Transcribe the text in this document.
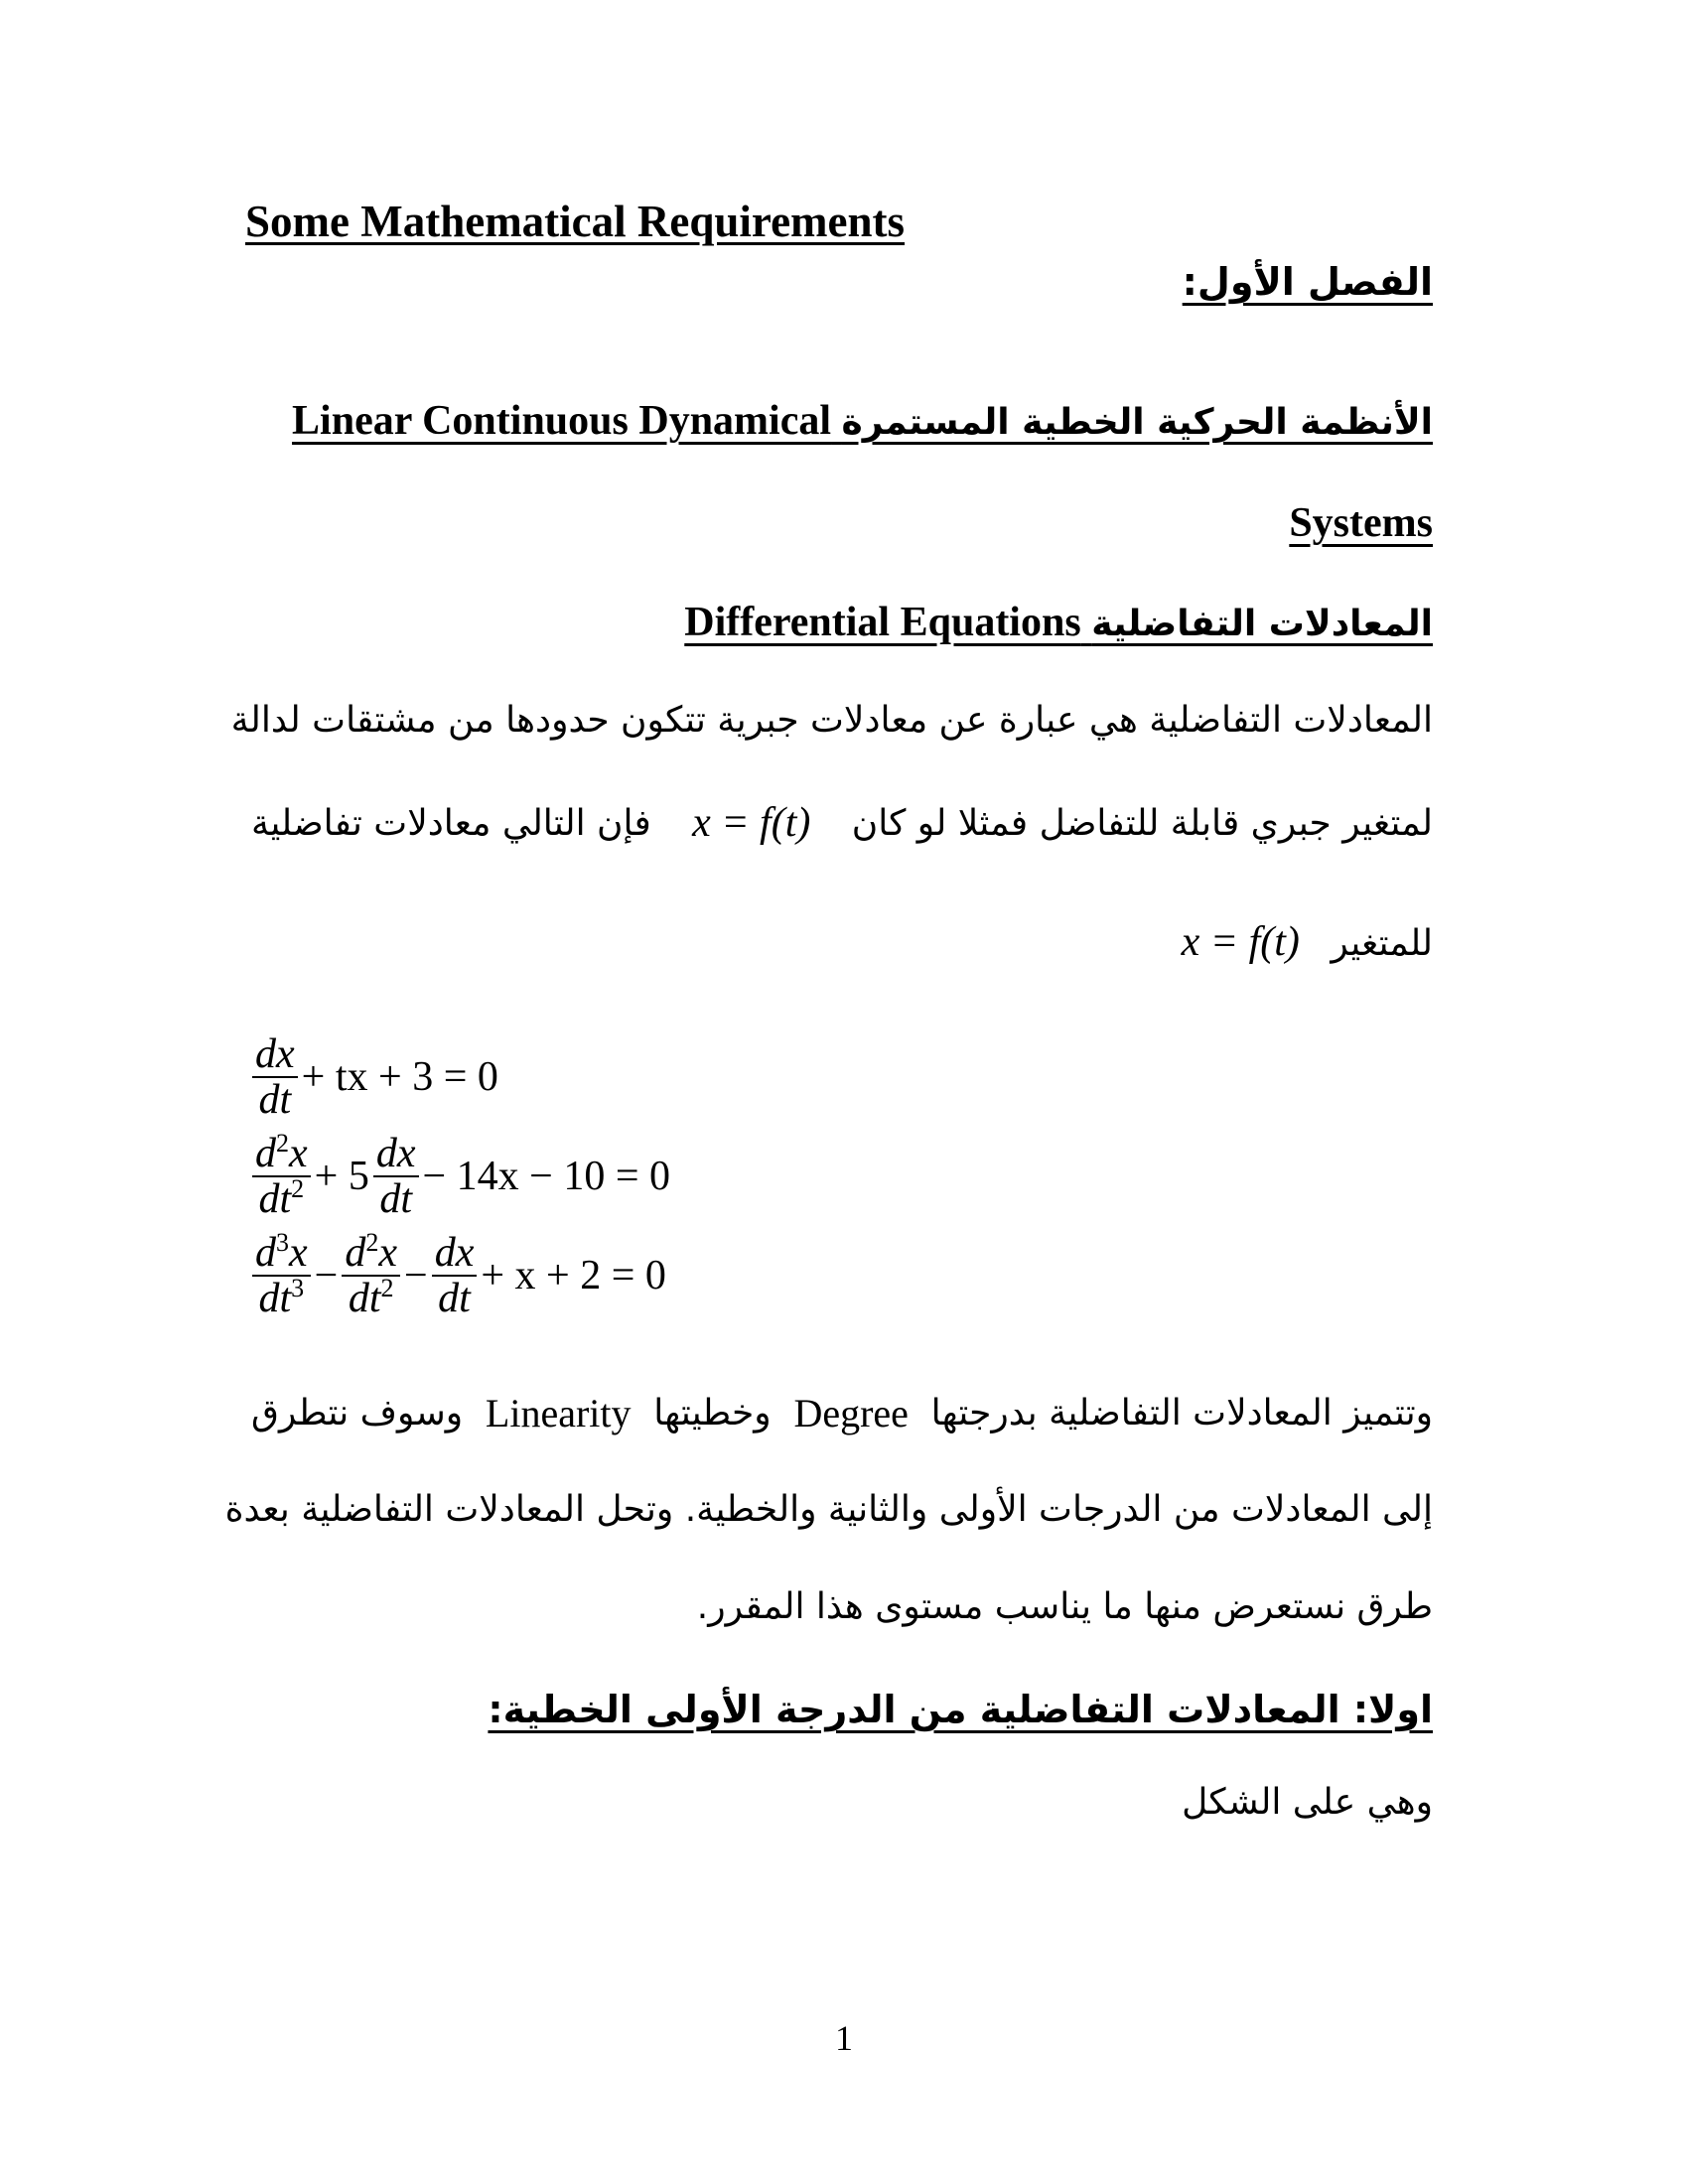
Some Mathematical Requirements
الفصل الأول:
الأنظمة الحركية الخطية المستمرة Linear Continuous Dynamical
Systems
المعادلات التفاضلية Differential Equations
المعادلات التفاضلية هي عبارة عن معادلات جبرية تتكون حدودها من مشتقات لدالة
لمتغير جبري قابلة للتفاضل فمثلا لو كان
x = f(t)
فإن التالي معادلات تفاضلية
للمتغير x = f(t)
$\frac{dx}{dt}$ + tx + 3 = 0
$\frac{d^2x}{dt^2} + 5 \frac{dx}{dt} - 14x - 10 = 0$
$\frac{d^3x}{dt^3} - \frac{d^2x}{dt^2} - \frac{dx}{dt} + x + 2 = 0$
وتتميز المعادلات التفاضلية بدرجتها
Degree
وخطيتها
Linearity
وسوف نتطرق
إلى المعادلات من الدرجات الأولى والثانية والخطية. وتحل المعادلات التفاضلية بعدة
طرق نستعرض منها ما يناسب مستوى هذا المقرر.
اولا: المعادلات التفاضلية من الدرجة الأولى الخطية:
وهي على الشكل
1
